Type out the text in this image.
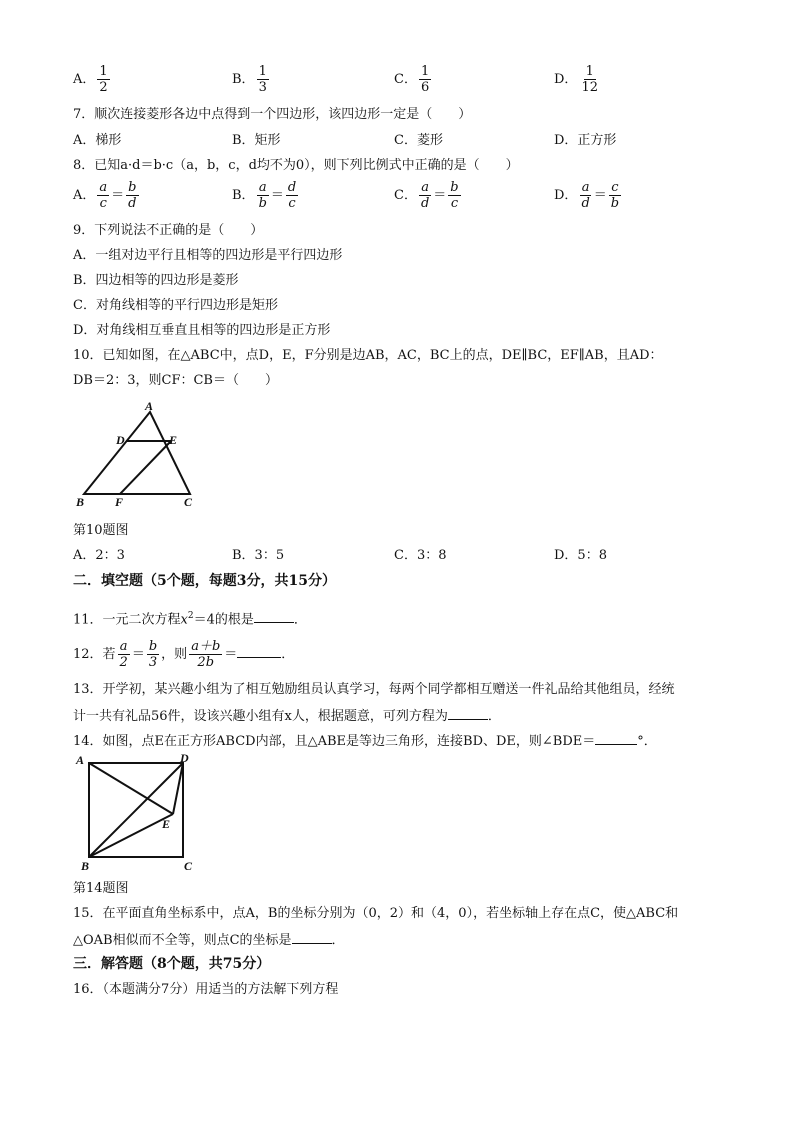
A． $\frac{1}{2}$	B． $\frac{1}{3}$	C． $\frac{1}{6}$	D． $\frac{1}{12}$
7．顺次连接菱形各边中点得到一个四边形，该四边形一定是（　　）
A．梯形	B．矩形	C．菱形	D．正方形
8．已知a·d＝b·c（a，b，c，d均不为0），则下列比例式中正确的是（　　）
A． $\frac{a}{c} = \frac{b}{d}$	B． $\frac{a}{b} = \frac{d}{c}$	C． $\frac{a}{d} = \frac{b}{c}$	D． $\frac{a}{d} = \frac{c}{b}$
9．下列说法不正确的是（　　）
A．一组对边平行且相等的四边形是平行四边形
B．四边相等的四边形是菱形
C．对角线相等的平行四边形是矩形
D．对角线相互垂直且相等的四边形是正方形
10．已知如图，在△ABC中，点D，E，F分别是边AB，AC，BC上的点，DE∥BC，EF∥AB，且AD：
DB＝2：3，则CF：CB＝（　　）
A
D	E
B	F	C
第10题图
A．2：3	B．3：5	C．3：8	D．5：8
二．填空题（5个题，每题3分，共15分）
11．一元二次方程$x^2=4$的根是	．
12．若 $\frac{a}{2} = \frac{b}{3}$ ，则 $\frac{a+b}{2b}$ ＝	．
13．开学初，某兴趣小组为了相互勉励组员认真学习，每两个同学都相互赠送一件礼品给其他组员，经统
计一共有礼品56件，设该兴趣小组有x人，根据题意，可列方程为	．
14．如图，点E在正方形ABCD内部，且△ABE是等边三角形，连接BD、DE，则∠BDE＝	°．
A	D
E
B	C
第14题图
15．在平面直角坐标系中，点A，B的坐标分别为（0，2）和（4，0），若坐标轴上存在点C，使△ABC和
△OAB相似而不全等，则点C的坐标是	．
三．解答题（8个题，共75分）
16．（本题满分7分）用适当的方法解下列方程
